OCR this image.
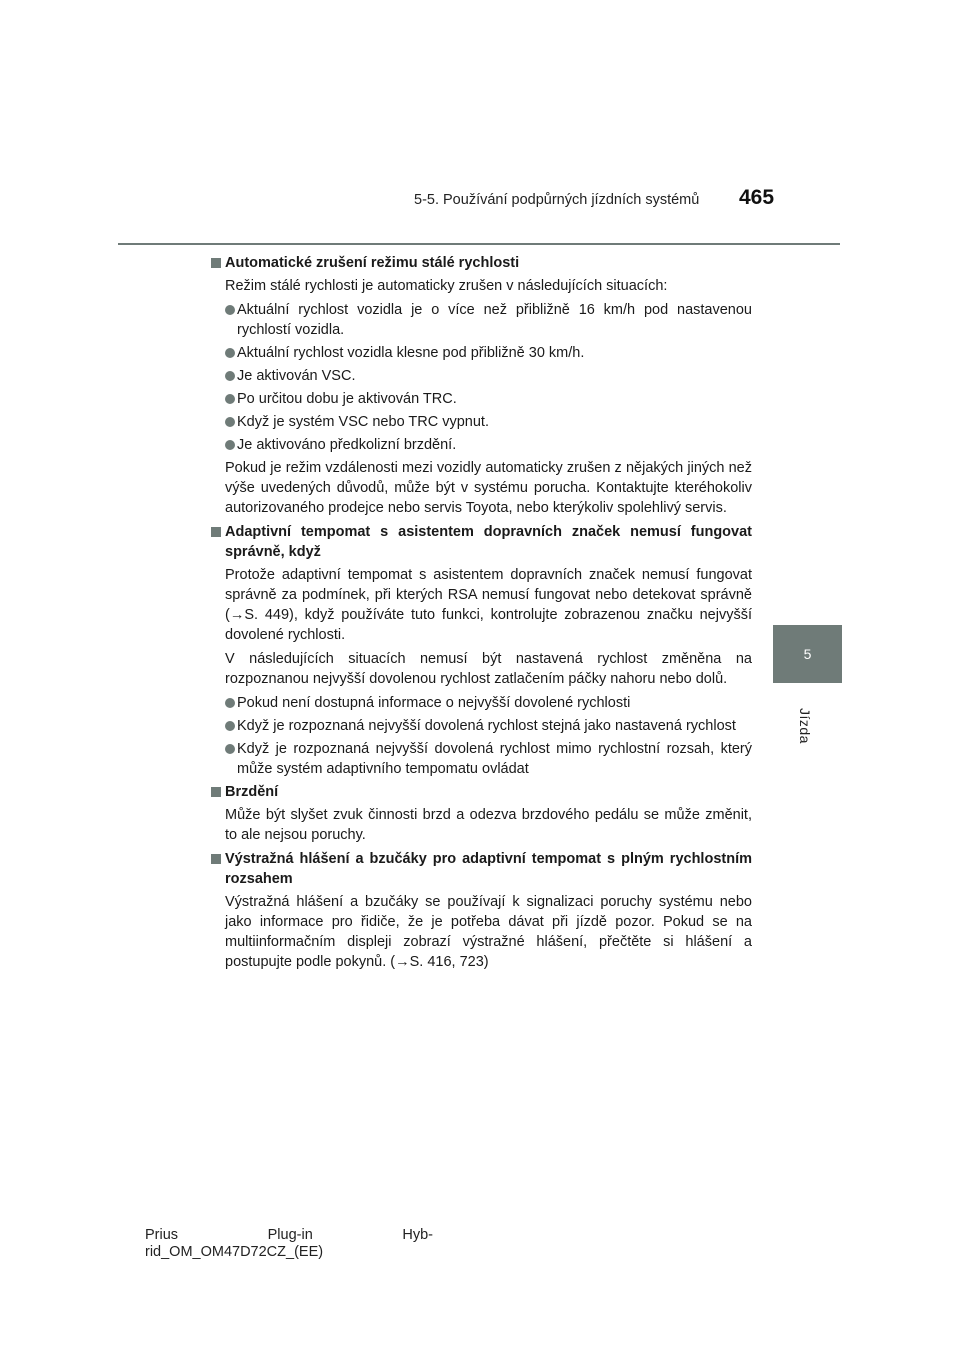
5-5. Používání podpůrných jízdních systémů 465
5
Jízda
Automatické zrušení režimu stálé rychlosti

Režim stálé rychlosti je automaticky zrušen v následujících situacích:

Aktuální rychlost vozidla je o více než přibližně 16 km/h pod nastavenou rychlostí vozidla.
Aktuální rychlost vozidla klesne pod přibližně 30 km/h.
Je aktivován VSC.
Po určitou dobu je aktivován TRC.
Když je systém VSC nebo TRC vypnut.
Je aktivováno předkolizní brzdění.

Pokud je režim vzdálenosti mezi vozidly automaticky zrušen z nějakých jiných než výše uvedených důvodů, může být v systému porucha. Kontaktujte kteréhokoliv autorizovaného prodejce nebo servis Toyota, nebo kterýkoliv spolehlivý servis.

Adaptivní tempomat s asistentem dopravních značek nemusí fungovat správně, když

Protože adaptivní tempomat s asistentem dopravních značek nemusí fungovat správně za podmínek, při kterých RSA nemusí fungovat nebo detekovat správně (→S. 449), když používáte tuto funkci, kontrolujte zobrazenou značku nejvyšší dovolené rychlosti.

V následujících situacích nemusí být nastavená rychlost změněna na rozpoznanou nejvyšší dovolenou rychlost zatlačením páčky nahoru nebo dolů.

Pokud není dostupná informace o nejvyšší dovolené rychlosti
Když je rozpoznaná nejvyšší dovolená rychlost stejná jako nastavená rychlost
Když je rozpoznaná nejvyšší dovolená rychlost mimo rychlostní rozsah, který může systém adaptivního tempomatu ovládat
Brzdění

Může být slyšet zvuk činnosti brzd a odezva brzdového pedálu se může změnit, to ale nejsou poruchy.

Výstražná hlášení a bzučáky pro adaptivní tempomat s plným rychlostním rozsahem

Výstražná hlášení a bzučáky se používají k signalizaci poruchy systému nebo jako informace pro řidiče, že je potřeba dávat při jízdě pozor. Pokud se na multiinformačním displeji zobrazí výstražné hlášení, přečtěte si hlášení a postupujte podle pokynů. (→S. 416, 723)

Prius	Plug-in	Hyb-
rid_OM_OM47D72CZ_(EE)
